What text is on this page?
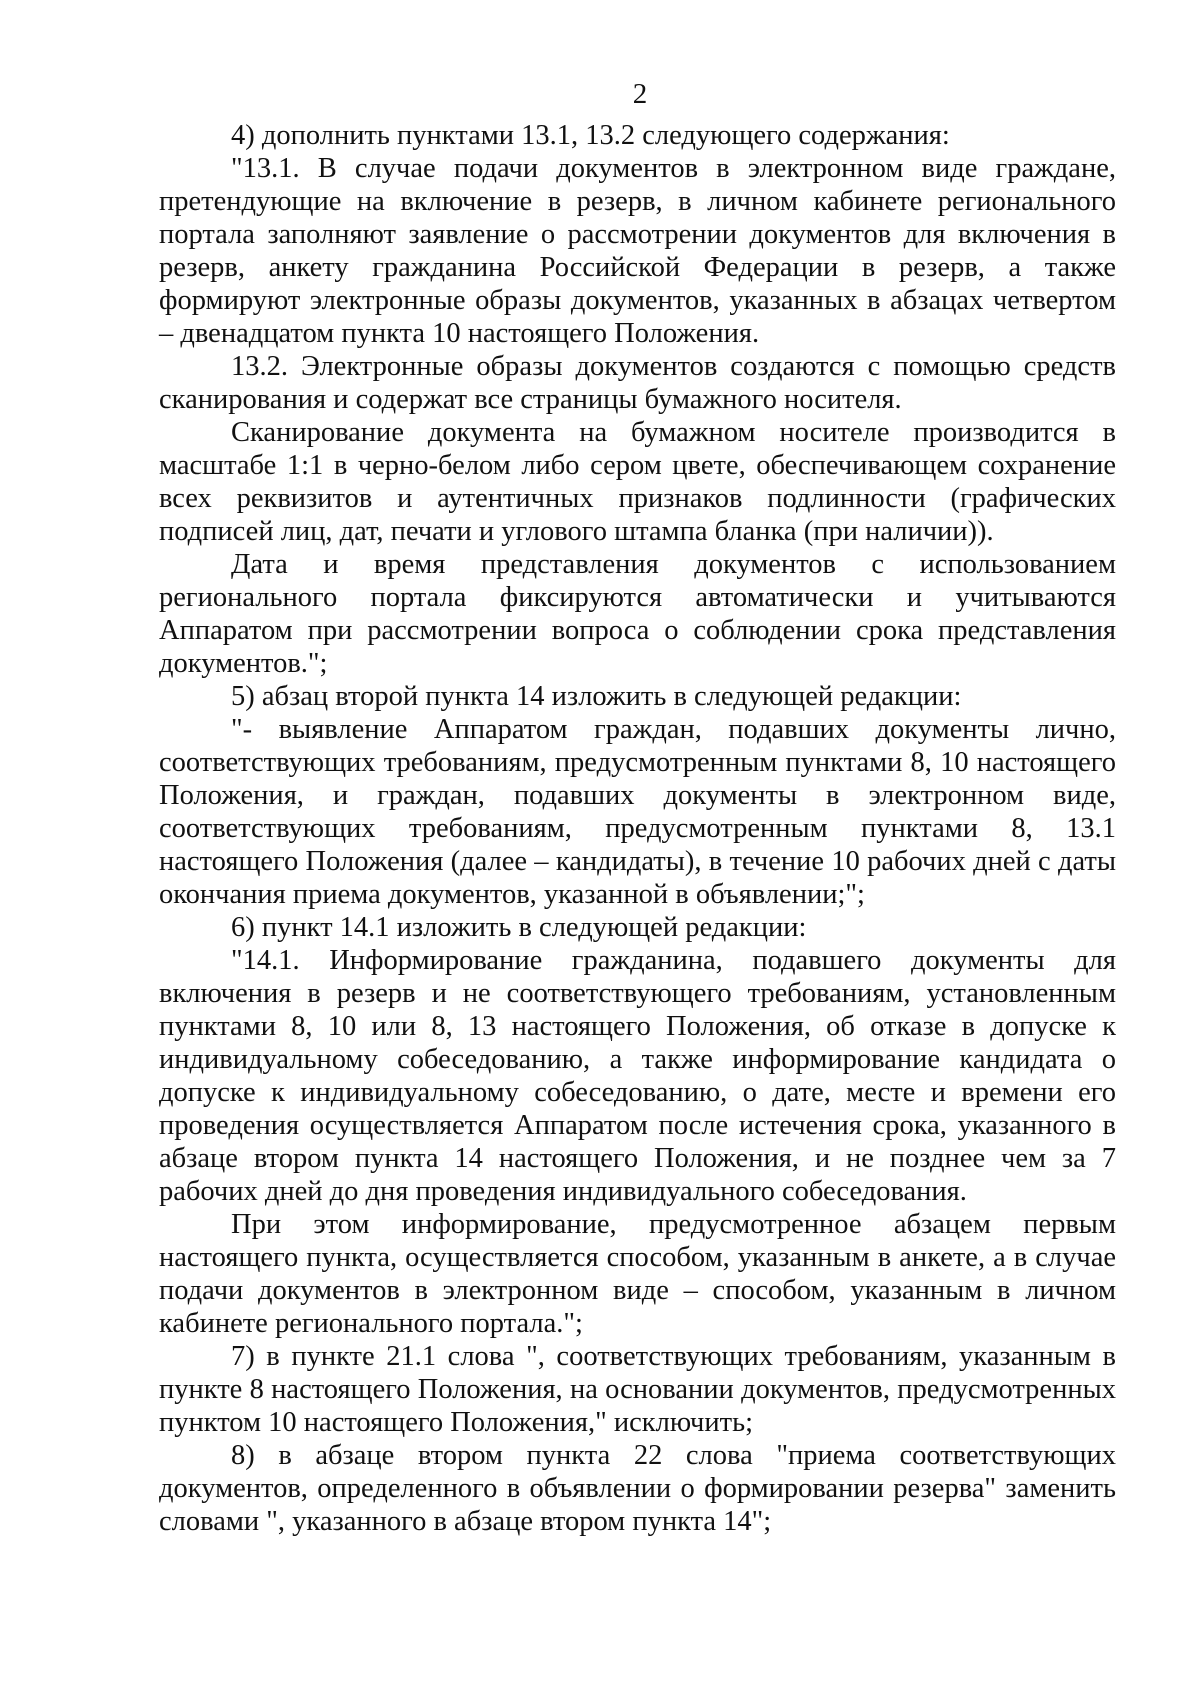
2

4) дополнить пунктами 13.1, 13.2 следующего содержания:

"13.1. В случае подачи документов в электронном виде граждане, претендующие на включение в резерв, в личном кабинете регионального портала заполняют заявление о рассмотрении документов для включения в резерв, анкету гражданина Российской Федерации в резерв, а также формируют электронные образы документов, указанных в абзацах четвертом – двенадцатом пункта 10 настоящего Положения.

13.2. Электронные образы документов создаются с помощью средств сканирования и содержат все страницы бумажного носителя.

Сканирование документа на бумажном носителе производится в масштабе 1:1 в черно-белом либо сером цвете, обеспечивающем сохранение всех реквизитов и аутентичных признаков подлинности (графических подписей лиц, дат, печати и углового штампа бланка (при наличии)).

Дата и время представления документов с использованием регионального портала фиксируются автоматически и учитываются Аппаратом при рассмотрении вопроса о соблюдении срока представления документов.";

5) абзац второй пункта 14 изложить в следующей редакции:

"- выявление Аппаратом граждан, подавших документы лично, соответствующих требованиям, предусмотренным пунктами 8, 10 настоящего Положения, и граждан, подавших документы в электронном виде, соответствующих требованиям, предусмотренным пунктами 8, 13.1 настоящего Положения (далее – кандидаты), в течение 10 рабочих дней с даты окончания приема документов, указанной в объявлении;";

6) пункт 14.1 изложить в следующей редакции:

"14.1. Информирование гражданина, подавшего документы для включения в резерв и не соответствующего требованиям, установленным пунктами 8, 10 или 8, 13 настоящего Положения, об отказе в допуске к индивидуальному собеседованию, а также информирование кандидата о допуске к индивидуальному собеседованию, о дате, месте и времени его проведения осуществляется Аппаратом после истечения срока, указанного в абзаце втором пункта 14 настоящего Положения, и не позднее чем за 7 рабочих дней до дня проведения индивидуального собеседования.

При этом информирование, предусмотренное абзацем первым настоящего пункта, осуществляется способом, указанным в анкете, а в случае подачи документов в электронном виде – способом, указанным в личном кабинете регионального портала.";

7) в пункте 21.1 слова ", соответствующих требованиям, указанным в пункте 8 настоящего Положения, на основании документов, предусмотренных пунктом 10 настоящего Положения," исключить;

8) в абзаце втором пункта 22 слова "приема соответствующих документов, определенного в объявлении о формировании резерва" заменить словами ", указанного в абзаце втором пункта 14";
